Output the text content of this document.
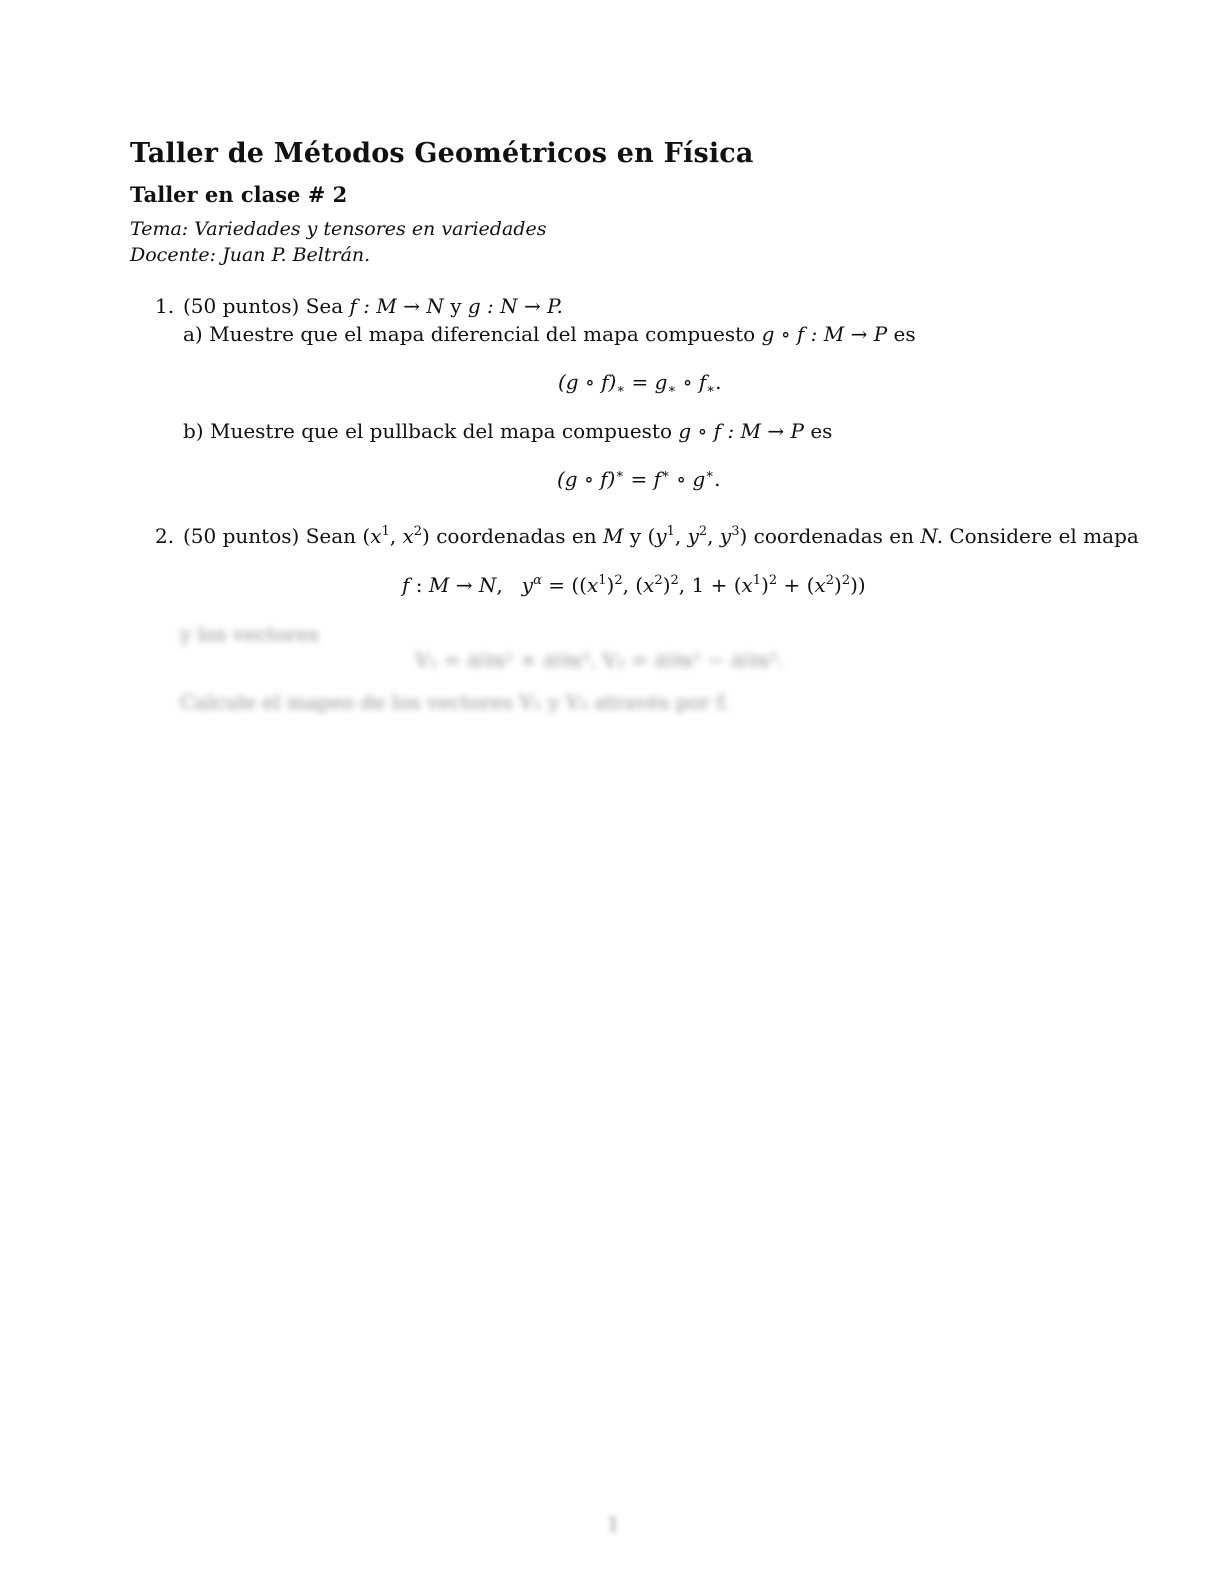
Taller de Métodos Geométricos en Física
Taller en clase # 2
Tema: Variedades y tensores en variedades
Docente: Juan P. Beltrán.
1. (50 puntos) Sea f : M → N y g : N → P.
a) Muestre que el mapa diferencial del mapa compuesto g ∘ f : M → P es
(g ∘ $f)_∗ = g_∗$ ∘ $f_∗$.
b) Muestre que el pullback del mapa compuesto g ∘ f : M → P es
(g ∘ f)∗ = f∗ ∘ g∗.
2. (50 puntos) Sean ($x^1$, $x^2$) coordenadas en M y ($y^1$, $y^2$, $y^3$) coordenadas en N. Considere el mapa
f : M → N,   $y^\alpha = ((x^1)^2$, $(x^2)^2$, $1 + (x^1)^2 + (x^2)^2$))
y los vectores
V₁ = ∂/∂x¹ + ∂/∂x², V₂ = ∂/∂x¹ − ∂/∂x².
Calcule el mapeo de los vectores V₁ y V₂ através por f.
1
